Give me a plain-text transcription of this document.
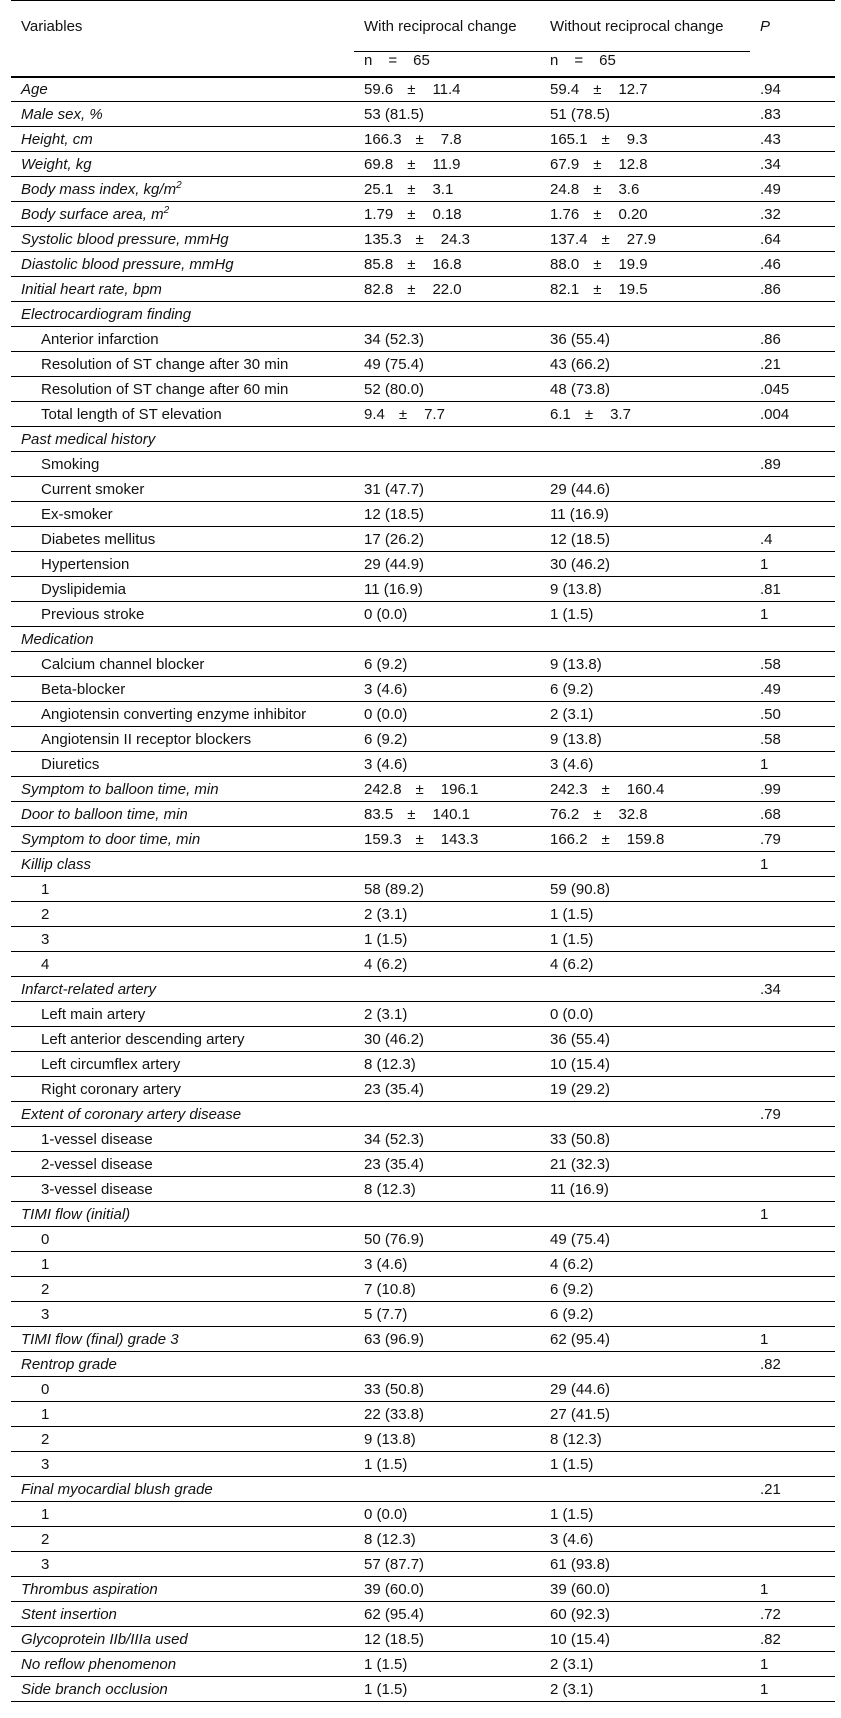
Variables	With reciprocal change	Without reciprocal change	P
	n = 65	n = 65	
Age	59.6 ± 11.4	59.4 ± 12.7	.94
Male sex, %	53 (81.5)	51 (78.5)	.83
Height, cm	166.3 ± 7.8	165.1 ± 9.3	.43
Weight, kg	69.8 ± 11.9	67.9 ± 12.8	.34
Body mass index, $kg/m^2$	25.1 ± 3.1	24.8 ± 3.6	.49
Body surface area, $m^2$	1.79 ± 0.18	1.76 ± 0.20	.32
Systolic blood pressure, mmHg	135.3 ± 24.3	137.4 ± 27.9	.64
Diastolic blood pressure, mmHg	85.8 ± 16.8	88.0 ± 19.9	.46
Initial heart rate, bpm	82.8 ± 22.0	82.1 ± 19.5	.86
Electrocardiogram finding			
Anterior infarction	34 (52.3)	36 (55.4)	.86
Resolution of ST change after 30 min	49 (75.4)	43 (66.2)	.21
Resolution of ST change after 60 min	52 (80.0)	48 (73.8)	.045
Total length of ST elevation	9.4 ± 7.7	6.1 ± 3.7	.004
Past medical history			
Smoking			.89
Current smoker	31 (47.7)	29 (44.6)	
Ex-smoker	12 (18.5)	11 (16.9)	
Diabetes mellitus	17 (26.2)	12 (18.5)	.4
Hypertension	29 (44.9)	30 (46.2)	1
Dyslipidemia	11 (16.9)	9 (13.8)	.81
Previous stroke	0 (0.0)	1 (1.5)	1
Medication			
Calcium channel blocker	6 (9.2)	9 (13.8)	.58
Beta-blocker	3 (4.6)	6 (9.2)	.49
Angiotensin converting enzyme inhibitor	0 (0.0)	2 (3.1)	.50
Angiotensin II receptor blockers	6 (9.2)	9 (13.8)	.58
Diuretics	3 (4.6)	3 (4.6)	1
Symptom to balloon time, min	242.8 ± 196.1	242.3 ± 160.4	.99
Door to balloon time, min	83.5 ± 140.1	76.2 ± 32.8	.68
Symptom to door time, min	159.3 ± 143.3	166.2 ± 159.8	.79
Killip class			1
1	58 (89.2)	59 (90.8)	
2	2 (3.1)	1 (1.5)	
3	1 (1.5)	1 (1.5)	
4	4 (6.2)	4 (6.2)	
Infarct-related artery			.34
Left main artery	2 (3.1)	0 (0.0)	
Left anterior descending artery	30 (46.2)	36 (55.4)	
Left circumflex artery	8 (12.3)	10 (15.4)	
Right coronary artery	23 (35.4)	19 (29.2)	
Extent of coronary artery disease			.79
1-vessel disease	34 (52.3)	33 (50.8)	
2-vessel disease	23 (35.4)	21 (32.3)	
3-vessel disease	8 (12.3)	11 (16.9)	
TIMI flow (initial)			1
0	50 (76.9)	49 (75.4)	
1	3 (4.6)	4 (6.2)	
2	7 (10.8)	6 (9.2)	
3	5 (7.7)	6 (9.2)	
TIMI flow (final) grade 3	63 (96.9)	62 (95.4)	1
Rentrop grade			.82
0	33 (50.8)	29 (44.6)	
1	22 (33.8)	27 (41.5)	
2	9 (13.8)	8 (12.3)	
3	1 (1.5)	1 (1.5)	
Final myocardial blush grade			.21
1	0 (0.0)	1 (1.5)	
2	8 (12.3)	3 (4.6)	
3	57 (87.7)	61 (93.8)	
Thrombus aspiration	39 (60.0)	39 (60.0)	1
Stent insertion	62 (95.4)	60 (92.3)	.72
Glycoprotein IIb/IIIa used	12 (18.5)	10 (15.4)	.82
No reflow phenomenon	1 (1.5)	2 (3.1)	1
Side branch occlusion	1 (1.5)	2 (3.1)	1
